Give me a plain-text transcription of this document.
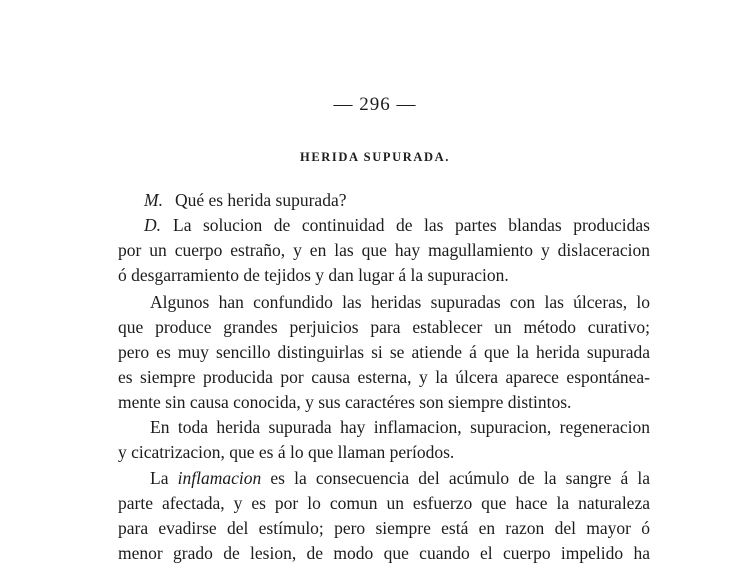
— 296 —
HERIDA SUPURADA.
M. Qué es herida supurada?
D. La solucion de continuidad de las partes blandas producidas
por un cuerpo estraño, y en las que hay magullamiento y dislaceracion
ó desgarramiento de tejidos y dan lugar á la supuracion.
Algunos han confundido las heridas supuradas con las úlceras, lo
que produce grandes perjuicios para establecer un método curativo;
pero es muy sencillo distinguirlas si se atiende á que la herida supurada
es siempre producida por causa esterna, y la úlcera aparece espontánea-
mente sin causa conocida, y sus caractéres son siempre distintos.
En toda herida supurada hay inflamacion, supuracion, regeneracion
y cicatrizacion, que es á lo que llaman períodos.
La inflamacion es la consecuencia del acúmulo de la sangre á la
parte afectada, y es por lo comun un esfuerzo que hace la naturaleza
para evadirse del estímulo; pero siempre está en razon del mayor ó
menor grado de lesion, de modo que cuando el cuerpo impelido ha
